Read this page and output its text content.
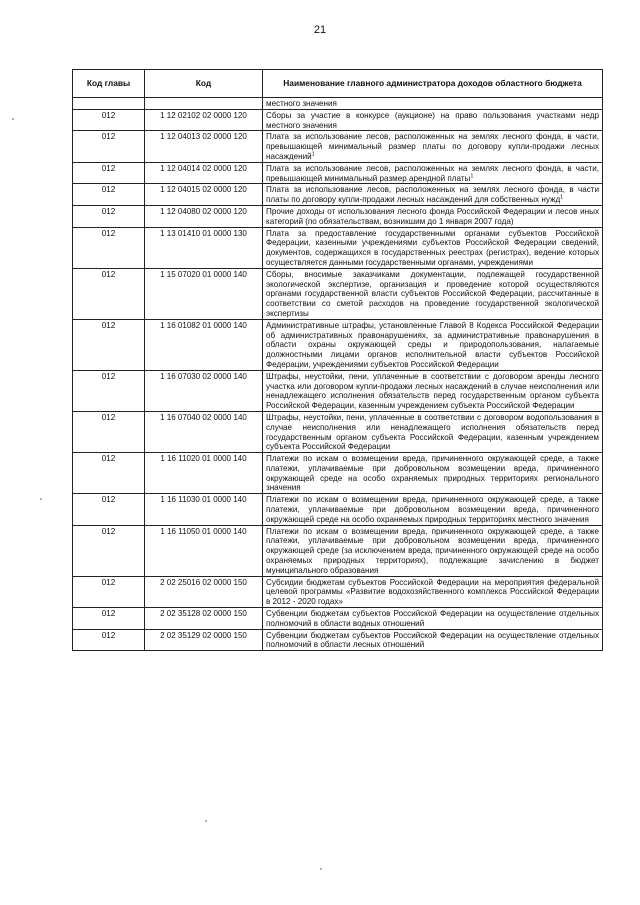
21
Код главы	Код	Наименование главного администратора доходов областного бюджета
		местного значения
012	1 12 02102 02 0000 120	Сборы за участие в конкурсе (аукционе) на право пользования участками недр местного значения
012	1 12 04013 02 0000 120	Плата за использование лесов, расположенных на землях лесного фонда, в части, превышающей минимальный размер платы по договору купли-продажи лесных насаждений$^1$
012	1 12 04014 02 0000 120	Плата за использование лесов, расположенных на землях лесного фонда, в части, превышающей минимальный размер арендной платы$^1$
012	1 12 04015 02 0000 120	Плата за использование лесов, расположенных на землях лесного фонда, в части платы по договору купли-продажи лесных насаждений для собственных нужд$^1$
012	1 12 04080 02 0000 120	Прочие доходы от использования лесного фонда Российской Федерации и лесов иных категорий (по обязательствам, возникшим до 1 января 2007 года)
012	1 13 01410 01 0000 130	Плата за предоставление государственными органами субъектов Российской Федерации, казенными учреждениями субъектов Российской Федерации сведений, документов, содержащихся в государственных реестрах (регистрах), ведение которых осуществляется данными государственными органами, учреждениями
012	1 15 07020 01 0000 140	Сборы, вносимые заказчиками документации, подлежащей государственной экологической экспертизе, организация и проведение которой осуществляются органами государственной власти субъектов Российской Федерации, рассчитанные в соответствии со сметой расходов на проведение государственной экологической экспертизы
012	1 16 01082 01 0000 140	Административные штрафы, установленные Главой 8 Кодекса Российской Федерации об административных правонарушениях, за административные правонарушения в области охраны окружающей среды и природопользования, налагаемые должностными лицами органов исполнительной власти субъектов Российской Федерации, учреждениями субъектов Российской Федерации
012	1 16 07030 02 0000 140	Штрафы, неустойки, пени, уплаченные в соответствии с договором аренды лесного участка или договором купли-продажи лесных насаждений в случае неисполнения или ненадлежащего исполнения обязательств перед государственным органом субъекта Российской Федерации, казенным учреждением субъекта Российской Федерации
012	1 16 07040 02 0000 140	Штрафы, неустойки, пени, уплаченные в соответствии с договором водопользования в случае неисполнения или ненадлежащего исполнения обязательств перед государственным органом субъекта Российской Федерации, казенным учреждением субъекта Российской Федерации
012	1 16 11020 01 0000 140	Платежи по искам о возмещении вреда, причиненного окружающей среде, а также платежи, уплачиваемые при добровольном возмещении вреда, причиненного окружающей среде на особо охраняемых природных территориях регионального значения
012	1 16 11030 01 0000 140	Платежи по искам о возмещении вреда, причиненного окружающей среде, а также платежи, уплачиваемые при добровольном возмещении вреда, причиненного окружающей среде на особо охраняемых природных территориях местного значения
012	1 16 11050 01 0000 140	Платежи по искам о возмещении вреда, причиненного окружающей среде, а также платежи, уплачиваемые при добровольном возмещении вреда, причиненного окружающей среде (за исключением вреда, причиненного окружающей среде на особо охраняемых природных территориях), подлежащие зачислению в бюджет муниципального образования
012	2 02 25016 02 0000 150	Субсидии бюджетам субъектов Российской Федерации на мероприятия федеральной целевой программы «Развитие водохозяйственного комплекса Российской Федерации в 2012 - 2020 годах»
012	2 02 35128 02 0000 150	Субвенции бюджетам субъектов Российской Федерации на осуществление отдельных полномочий в области водных отношений
012	2 02 35129 02 0000 150	Субвенции бюджетам субъектов Российской Федерации на осуществление отдельных полномочий в области лесных отношений
